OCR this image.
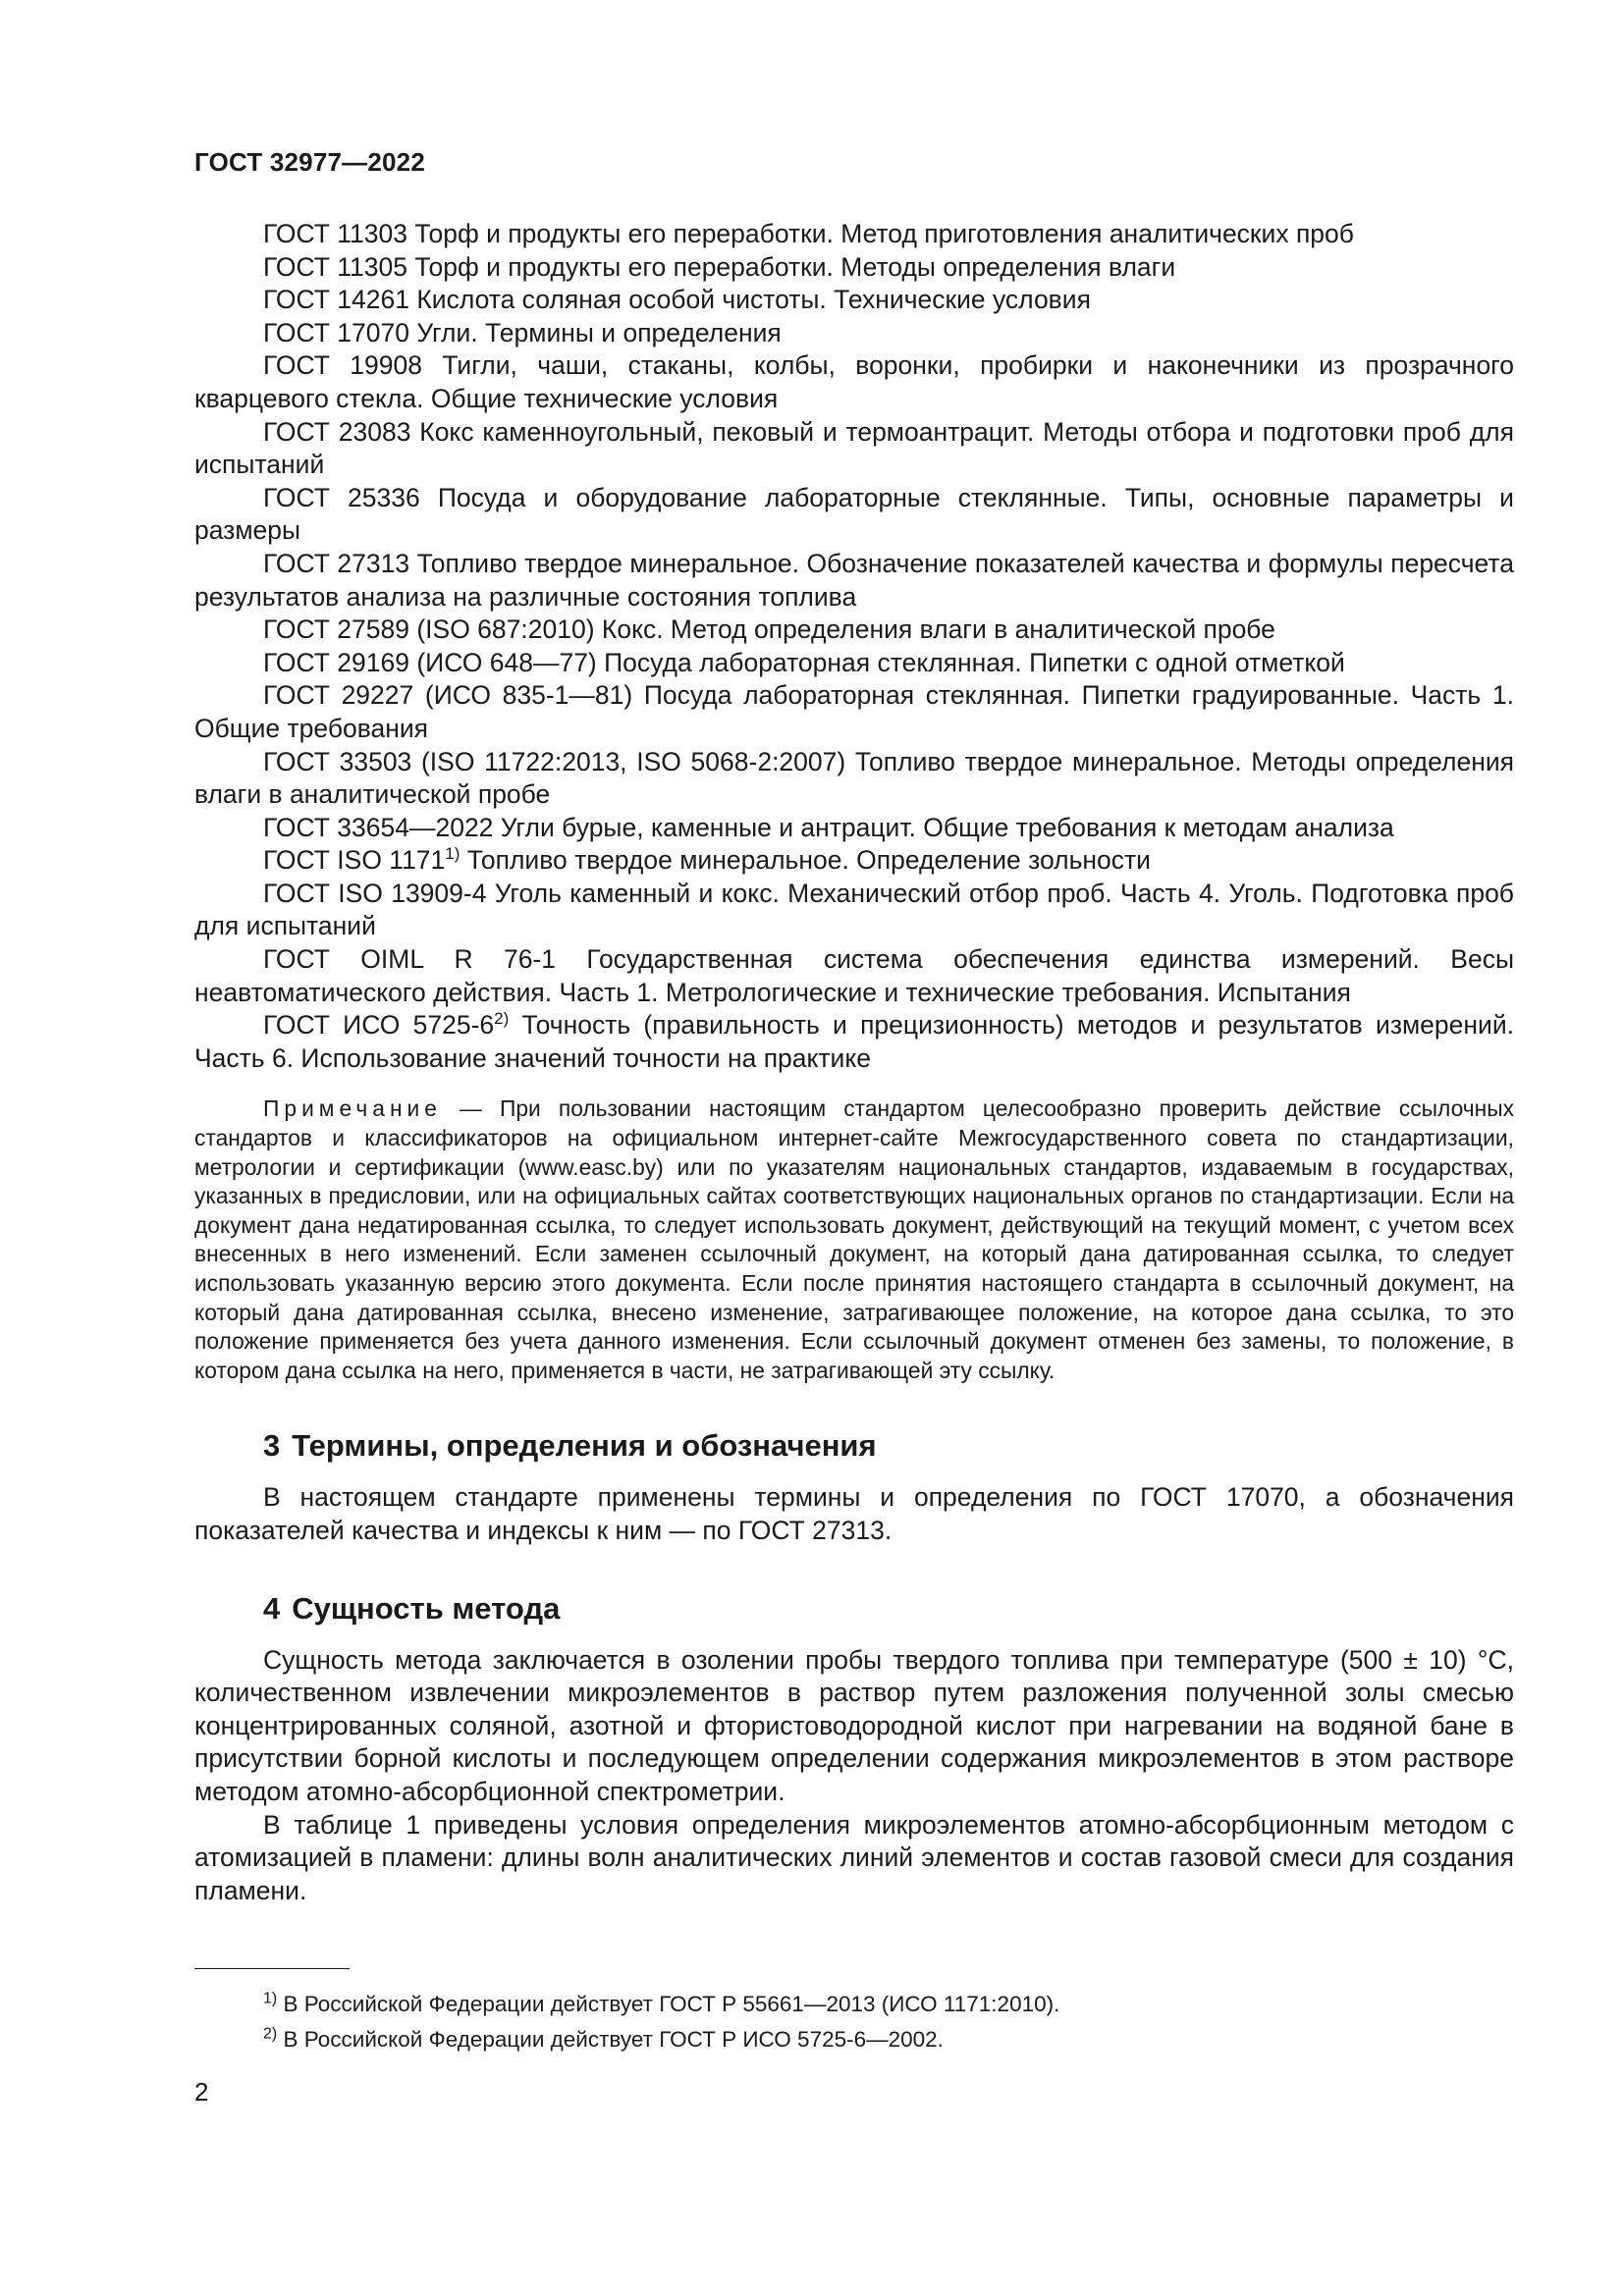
ГОСТ 32977—2022

ГОСТ 11303 Торф и продукты его переработки. Метод приготовления аналитических проб

ГОСТ 11305 Торф и продукты его переработки. Методы определения влаги

ГОСТ 14261 Кислота соляная особой чистоты. Технические условия

ГОСТ 17070 Угли. Термины и определения

ГОСТ 19908 Тигли, чаши, стаканы, колбы, воронки, пробирки и наконечники из прозрачного кварцевого стекла. Общие технические условия

ГОСТ 23083 Кокс каменноугольный, пековый и термоантрацит. Методы отбора и подготовки проб для испытаний

ГОСТ 25336 Посуда и оборудование лабораторные стеклянные. Типы, основные параметры и размеры

ГОСТ 27313 Топливо твердое минеральное. Обозначение показателей качества и формулы пересчета результатов анализа на различные состояния топлива

ГОСТ 27589 (ISO 687:2010) Кокс. Метод определения влаги в аналитической пробе

ГОСТ 29169 (ИСО 648—77) Посуда лабораторная стеклянная. Пипетки с одной отметкой

ГОСТ 29227 (ИСО 835-1—81) Посуда лабораторная стеклянная. Пипетки градуированные. Часть 1. Общие требования

ГОСТ 33503 (ISO 11722:2013, ISO 5068-2:2007) Топливо твердое минеральное. Методы определения влаги в аналитической пробе

ГОСТ 33654—2022 Угли бурые, каменные и антрацит. Общие требования к методам анализа

ГОСТ ISO 1171$^{1)}$ Топливо твердое минеральное. Определение зольности

ГОСТ ISO 13909-4 Уголь каменный и кокс. Механический отбор проб. Часть 4. Уголь. Подготовка проб для испытаний

ГОСТ OIML R 76-1 Государственная система обеспечения единства измерений. Весы неавтоматического действия. Часть 1. Метрологические и технические требования. Испытания

ГОСТ ИСО 5725-6$^{2)}$ Точность (правильность и прецизионность) методов и результатов измерений. Часть 6. Использование значений точности на практике

Примечание — При пользовании настоящим стандартом целесообразно проверить действие ссылочных стандартов и классификаторов на официальном интернет-сайте Межгосударственного совета по стандартизации, метрологии и сертификации (www.easc.by) или по указателям национальных стандартов, издаваемым в государствах, указанных в предисловии, или на официальных сайтах соответствующих национальных органов по стандартизации. Если на документ дана недатированная ссылка, то следует использовать документ, действующий на текущий момент, с учетом всех внесенных в него изменений. Если заменен ссылочный документ, на который дана датированная ссылка, то следует использовать указанную версию этого документа. Если после принятия настоящего стандарта в ссылочный документ, на который дана датированная ссылка, внесено изменение, затрагивающее положение, на которое дана ссылка, то это положение применяется без учета данного изменения. Если ссылочный документ отменен без замены, то положение, в котором дана ссылка на него, применяется в части, не затрагивающей эту ссылку.

3 Термины, определения и обозначения

В настоящем стандарте применены термины и определения по ГОСТ 17070, а обозначения показателей качества и индексы к ним — по ГОСТ 27313.

4 Сущность метода

Сущность метода заключается в озолении пробы твердого топлива при температуре (500 ± 10) °С, количественном извлечении микроэлементов в раствор путем разложения полученной золы смесью концентрированных соляной, азотной и фтористоводородной кислот при нагревании на водяной бане в присутствии борной кислоты и последующем определении содержания микроэлементов в этом растворе методом атомно-абсорбционной спектрометрии.

В таблице 1 приведены условия определения микроэлементов атомно-абсорбционным методом с атомизацией в пламени: длины волн аналитических линий элементов и состав газовой смеси для создания пламени.

$^{1)}$ В Российской Федерации действует ГОСТ Р 55661—2013 (ИСО 1171:2010).
$^{2)}$ В Российской Федерации действует ГОСТ Р ИСО 5725-6—2002.
2
